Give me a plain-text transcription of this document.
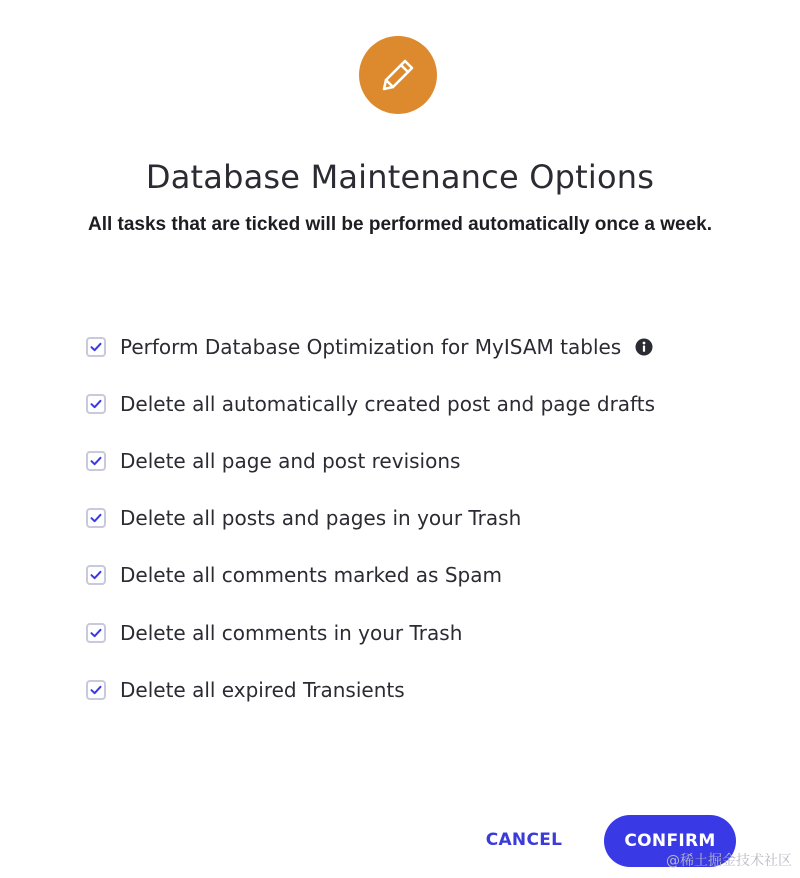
Database Maintenance Options

All tasks that are ticked will be performed automatically once a week.

Perform Database Optimization for MyISAM tables
Delete all automatically created post and page drafts
Delete all page and post revisions
Delete all posts and pages in your Trash
Delete all comments marked as Spam
Delete all comments in your Trash
Delete all expired Transients
CANCEL	CONFIRM
@稀土掘金技术社区
